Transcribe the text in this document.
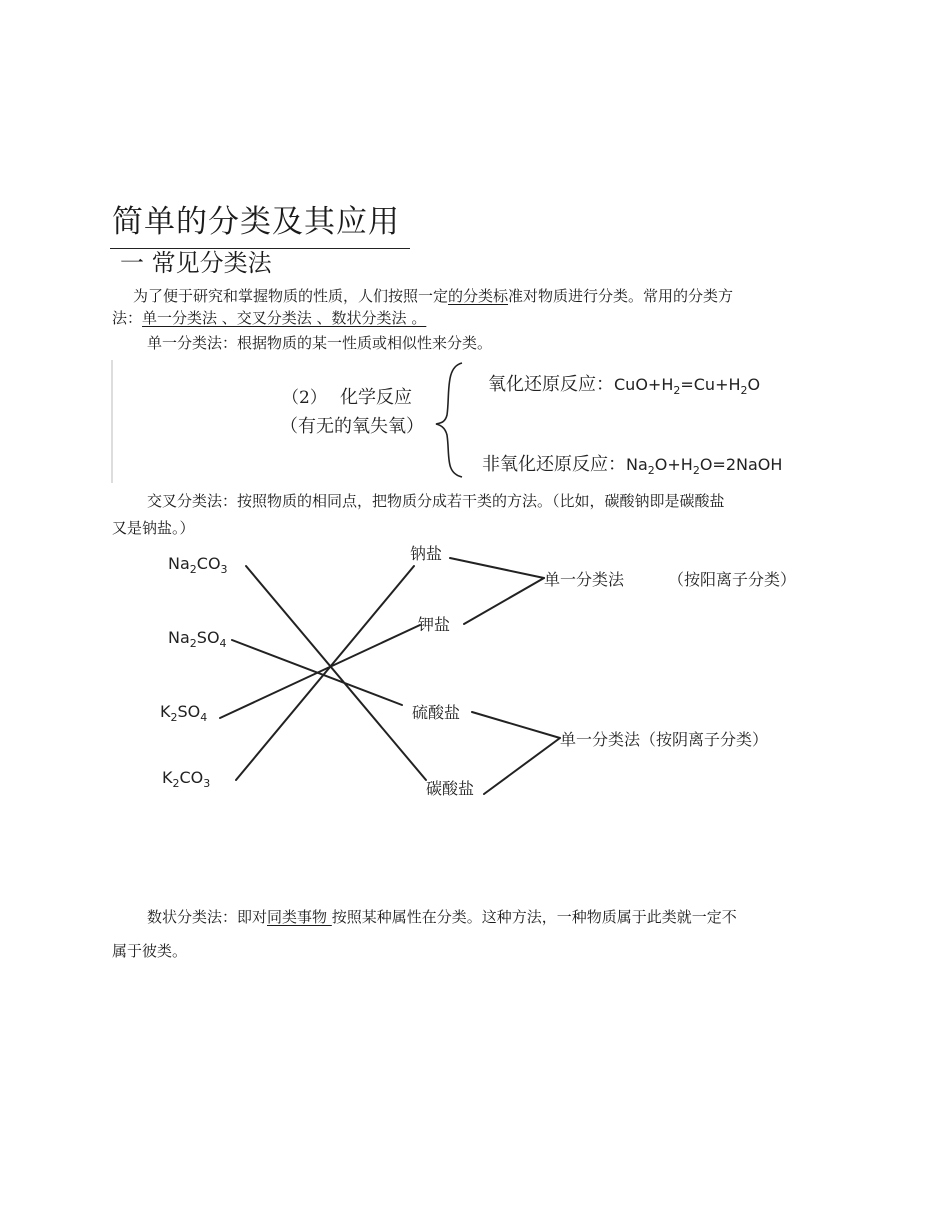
简单的分类及其应用
一 常见分类法
为了便于研究和掌握物质的性质，人们按照一定的分类标准对物质进行分类。常用的分类方
法：单一分类法 、交叉分类法 、数状分类法 。
单一分类法：根据物质的某一性质或相似性来分类。
（2） 化学反应
（有无的氧失氧）
氧化还原反应：$CuO+H_2=Cu+H_2O$
非氧化还原反应：$Na_2O+H_2O=2NaOH$
交叉分类法：按照物质的相同点，把物质分成若干类的方法。（比如，碳酸钠即是碳酸盐
又是钠盐。）
$Na_2CO_3$
$Na_2SO_4$
$K_2SO_4$
$K_2CO_3$
钠盐
钾盐
硫酸盐
碳酸盐
单一分类法	（按阳离子分类）
单一分类法（按阴离子分类）
数状分类法：即对同类事物 按照某种属性在分类。这种方法，一种物质属于此类就一定不
属于彼类。
